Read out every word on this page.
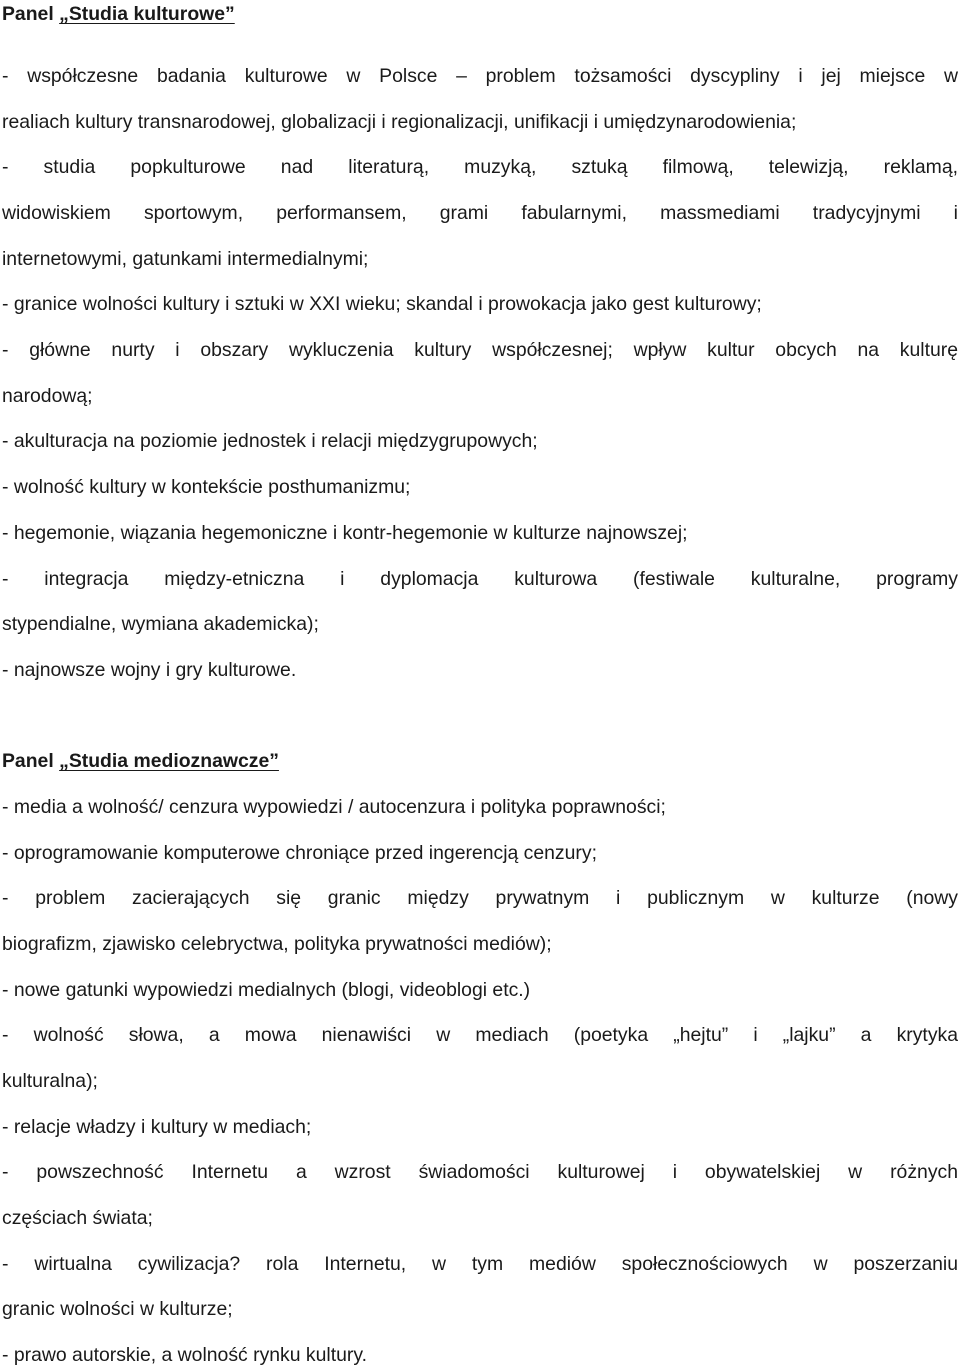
Panel „Studia kulturowe”
- współczesne badania kulturowe w Polsce – problem tożsamości dyscypliny i jej miejsce w
realiach kultury transnarodowej, globalizacji i regionalizacji, unifikacji i umiędzynarodowienia;
- studia popkulturowe nad literaturą, muzyką, sztuką filmową, telewizją, reklamą,
widowiskiem sportowym, performansem, grami fabularnymi, massmediami tradycyjnymi i
internetowymi, gatunkami intermedialnymi;
- granice wolności kultury i sztuki w XXI wieku; skandal i prowokacja jako gest kulturowy;
- główne nurty i obszary wykluczenia kultury współczesnej; wpływ kultur obcych na kulturę
narodową;
- akulturacja na poziomie jednostek i relacji międzygrupowych;
- wolność kultury w kontekście posthumanizmu;
- hegemonie, wiązania hegemoniczne i kontr-hegemonie w kulturze najnowszej;
- integracja między-etniczna i dyplomacja kulturowa (festiwale kulturalne, programy
stypendialne, wymiana akademicka);
- najnowsze wojny i gry kulturowe.
Panel „Studia medioznawcze”
- media a wolność/ cenzura wypowiedzi / autocenzura i polityka poprawności;
- oprogramowanie komputerowe chroniące przed ingerencją cenzury;
- problem zacierających się granic między prywatnym i publicznym w kulturze (nowy
biografizm, zjawisko celebryctwa, polityka prywatności mediów);
- nowe gatunki wypowiedzi medialnych (blogi, videoblogi etc.)
- wolność słowa, a mowa nienawiści w mediach (poetyka „hejtu” i „lajku” a krytyka
kulturalna);
- relacje władzy i kultury w mediach;
- powszechność Internetu a wzrost świadomości kulturowej i obywatelskiej w różnych
częściach świata;
- wirtualna cywilizacja? rola Internetu, w tym mediów społecznościowych w poszerzaniu
granic wolności w kulturze;
- prawo autorskie, a wolność rynku kultury.
